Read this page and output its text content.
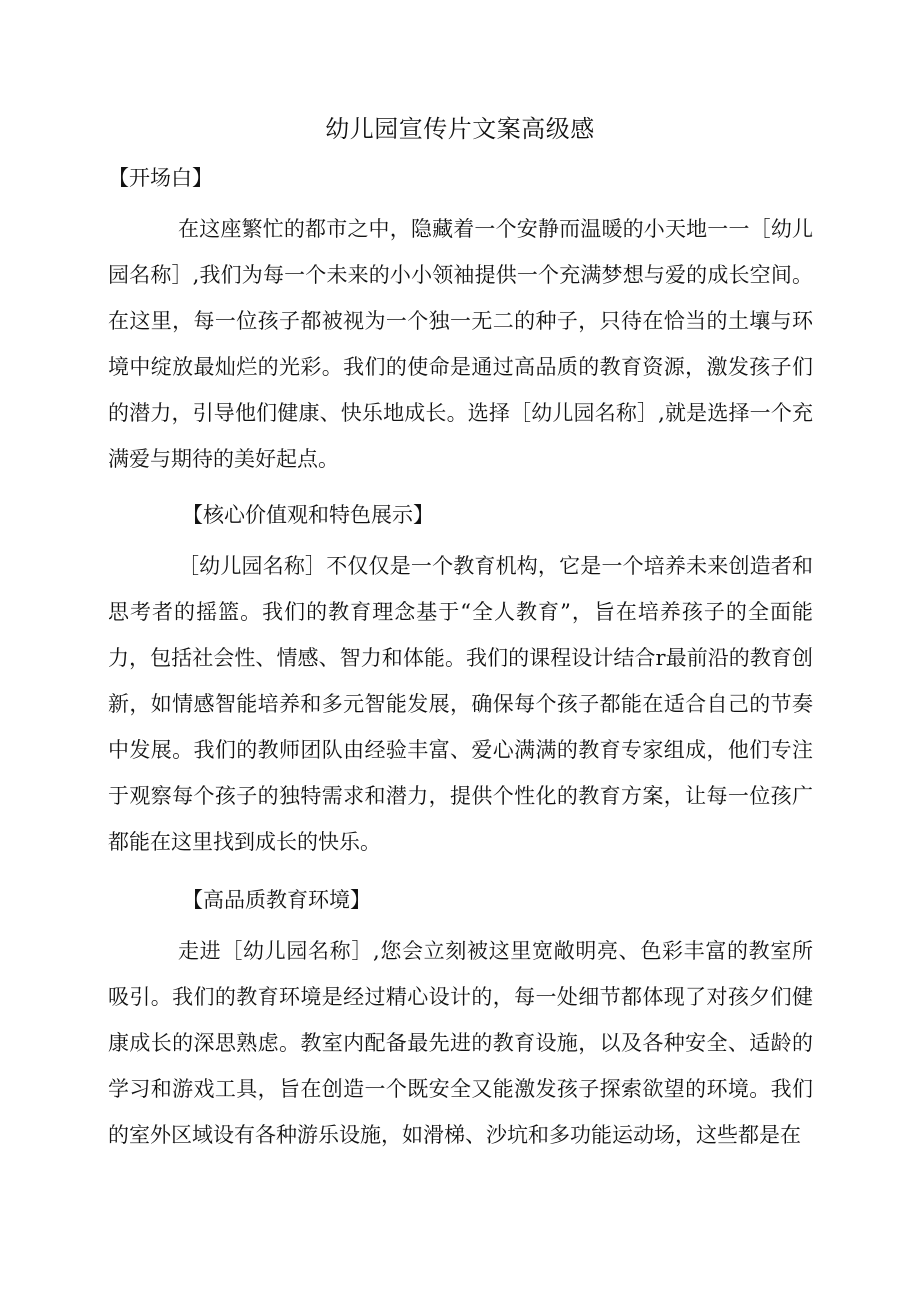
幼儿园宣传片文案高级感
【开场白】

在这座繁忙的都市之中，隐藏着一个安静而温暖的小天地一一［幼儿园名称］,我们为每一个未来的小小领袖提供一个充满梦想与爱的成长空间。在这里，每一位孩子都被视为一个独一无二的种子，只待在恰当的土壤与环境中绽放最灿烂的光彩。我们的使命是通过高品质的教育资源，激发孩子们的潜力，引导他们健康、快乐地成长。选择［幼儿园名称］,就是选择一个充满爱与期待的美好起点。

【核心价值观和特色展示】

［幼儿园名称］不仅仅是一个教育机构，它是一个培养未来创造者和思考者的摇篮。我们的教育理念基于“全人教育”，旨在培养孩子的全面能力，包括社会性、情感、智力和体能。我们的课程设计结合r最前沿的教育创新，如情感智能培养和多元智能发展，确保每个孩子都能在适合自己的节奏中发展。我们的教师团队由经验丰富、爱心满满的教育专家组成，他们专注于观察每个孩子的独特需求和潜力，提供个性化的教育方案，让每一位孩广都能在这里找到成长的快乐。

【高品质教育环境】

走进［幼儿园名称］,您会立刻被这里宽敞明亮、色彩丰富的教室所吸引。我们的教育环境是经过精心设计的，每一处细节都体现了对孩夕们健康成长的深思熟虑。教室内配备最先进的教育设施，以及各种安全、适龄的学习和游戏工具，旨在创造一个既安全又能激发孩子探索欲望的环境。我们的室外区域设有各种游乐设施，如滑梯、沙坑和多功能运动场，这些都是在
